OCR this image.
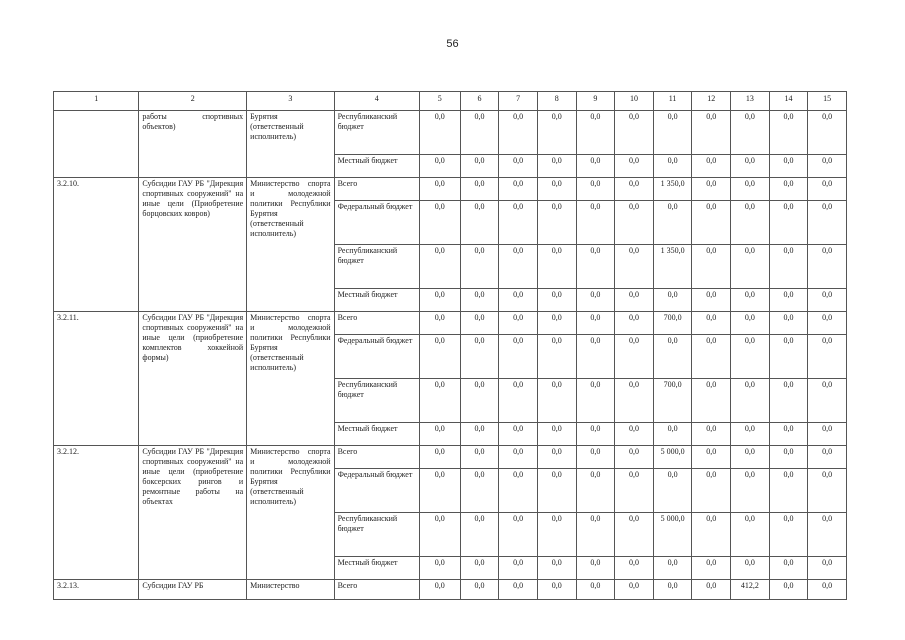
56
1	2	3	4	5	6	7	8	9	10	11	12	13	14	15
	работы спортивных объектов)	Бурятия (ответственный исполнитель)	Республиканский бюджет	0,0	0,0	0,0	0,0	0,0	0,0	0,0	0,0	0,0	0,0	0,0
			Местный бюджет	0,0	0,0	0,0	0,0	0,0	0,0	0,0	0,0	0,0	0,0	0,0
3.2.10.	Субсидии ГАУ РБ "Дирекция спортивных сооружений" на иные цели (Приобретение борцовских ковров)	Министерство спорта и молодежной политики Республики Бурятия (ответственный исполнитель)	Всего	0,0	0,0	0,0	0,0	0,0	0,0	1 350,0	0,0	0,0	0,0	0,0
			Федеральный бюджет	0,0	0,0	0,0	0,0	0,0	0,0	0,0	0,0	0,0	0,0	0,0
			Республиканский бюджет	0,0	0,0	0,0	0,0	0,0	0,0	1 350,0	0,0	0,0	0,0	0,0
			Местный бюджет	0,0	0,0	0,0	0,0	0,0	0,0	0,0	0,0	0,0	0,0	0,0
3.2.11.	Субсидии ГАУ РБ "Дирекция спортивных сооружений" на иные цели (приобретение комплектов хоккейной формы)	Министерство спорта и молодежной политики Республики Бурятия (ответственный исполнитель)	Всего	0,0	0,0	0,0	0,0	0,0	0,0	700,0	0,0	0,0	0,0	0,0
			Федеральный бюджет	0,0	0,0	0,0	0,0	0,0	0,0	0,0	0,0	0,0	0,0	0,0
			Республиканский бюджет	0,0	0,0	0,0	0,0	0,0	0,0	700,0	0,0	0,0	0,0	0,0
			Местный бюджет	0,0	0,0	0,0	0,0	0,0	0,0	0,0	0,0	0,0	0,0	0,0
3.2.12.	Субсидии ГАУ РБ "Дирекция спортивных сооружений" на иные цели (приобретение боксерских рингов и ремонтные работы на объектах	Министерство спорта и молодежной политики Республики Бурятия (ответственный исполнитель)	Всего	0,0	0,0	0,0	0,0	0,0	0,0	5 000,0	0,0	0,0	0,0	0,0
			Федеральный бюджет	0,0	0,0	0,0	0,0	0,0	0,0	0,0	0,0	0,0	0,0	0,0
			Республиканский бюджет	0,0	0,0	0,0	0,0	0,0	0,0	5 000,0	0,0	0,0	0,0	0,0
			Местный бюджет	0,0	0,0	0,0	0,0	0,0	0,0	0,0	0,0	0,0	0,0	0,0
3.2.13.	Субсидии ГАУ РБ	Министерство	Всего	0,0	0,0	0,0	0,0	0,0	0,0	0,0	0,0	412,2	0,0	0,0
